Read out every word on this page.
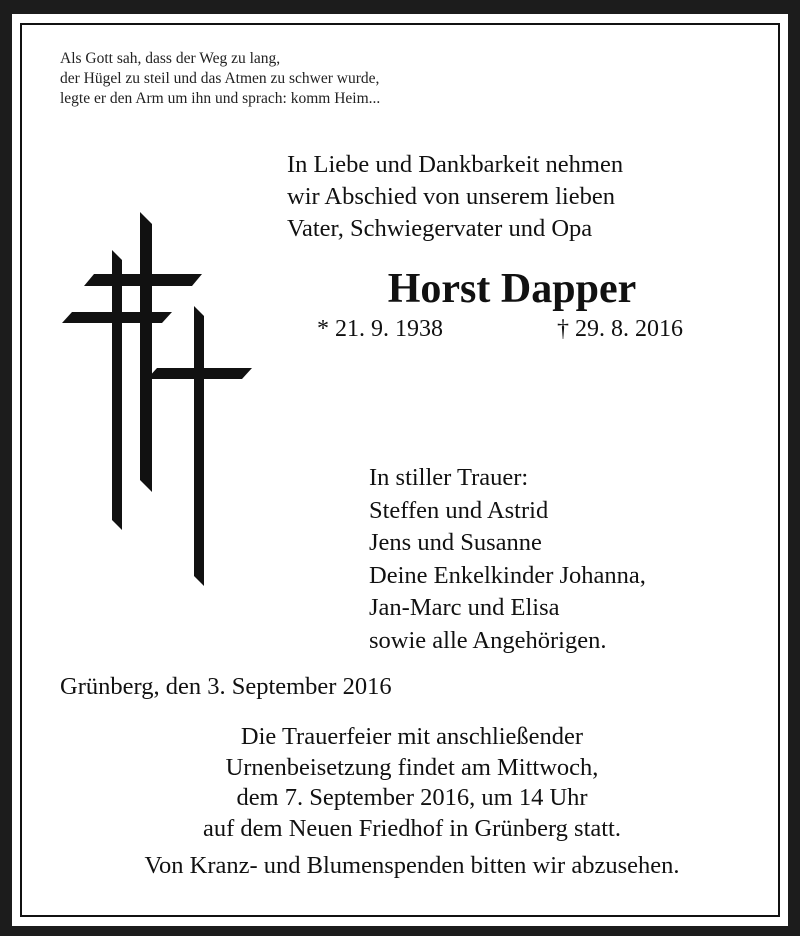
Als Gott sah, dass der Weg zu lang,
der Hügel zu steil und das Atmen zu schwer wurde,
legte er den Arm um ihn und sprach: komm Heim...
In Liebe und Dankbarkeit nehmen
wir Abschied von unserem lieben
Vater, Schwiegervater und Opa
Horst Dapper
* 21. 9. 1938	† 29. 8. 2016
In stiller Trauer:
Steffen und Astrid
Jens und Susanne
Deine Enkelkinder Johanna,
Jan-Marc und Elisa
sowie alle Angehörigen.
Grünberg, den 3. September 2016
Die Trauerfeier mit anschließender
Urnenbeisetzung findet am Mittwoch,
dem 7. September 2016, um 14 Uhr
auf dem Neuen Friedhof in Grünberg statt.
Von Kranz- und Blumenspenden bitten wir abzusehen.
